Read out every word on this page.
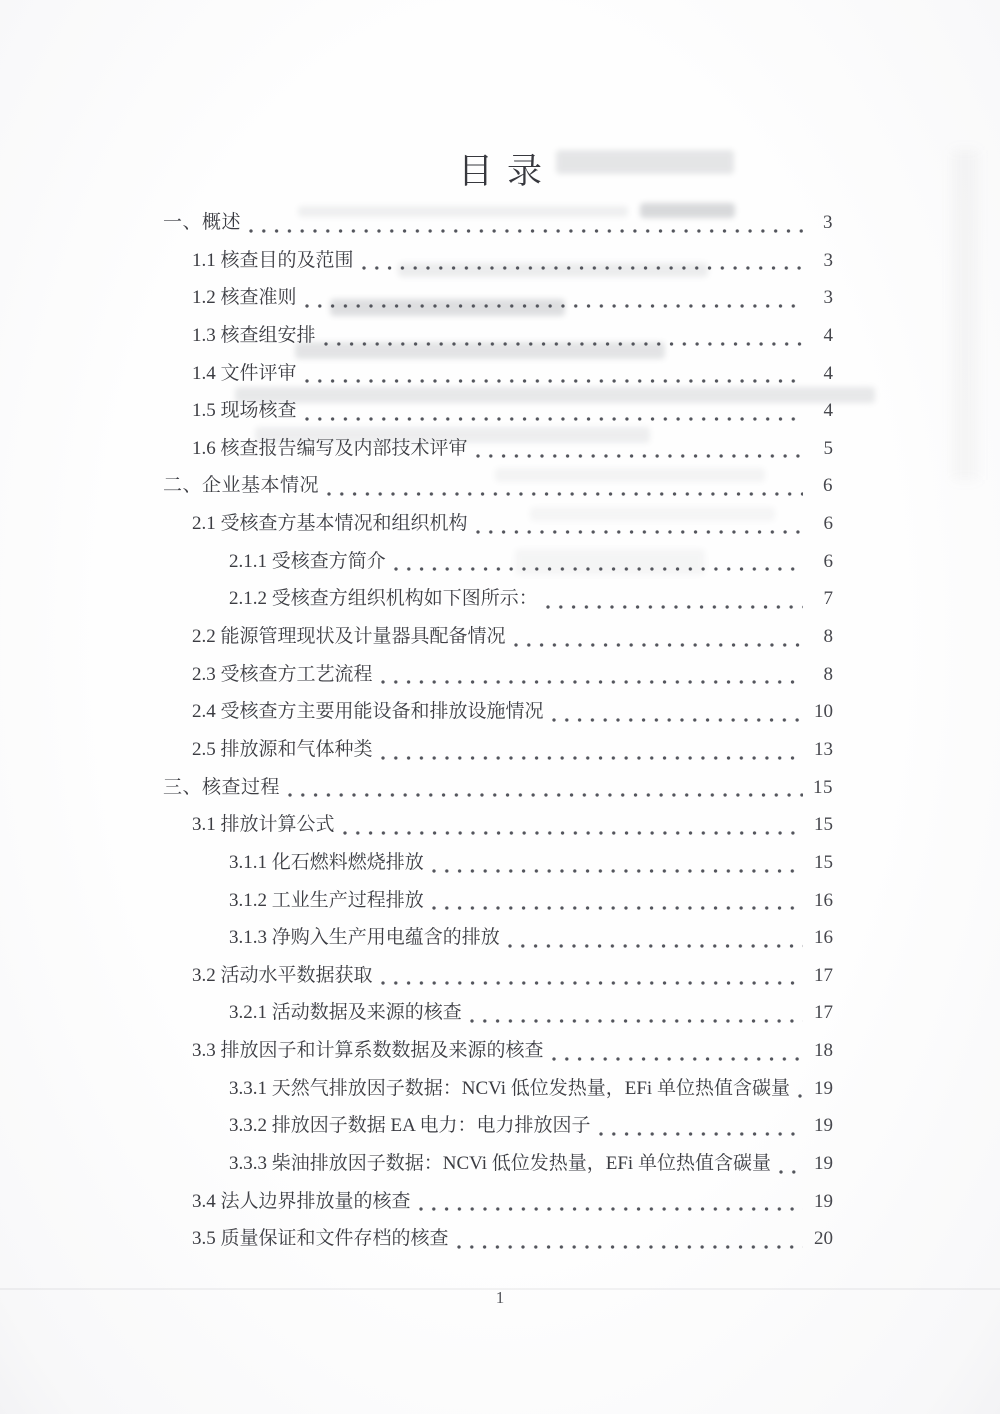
目录
一、概述	3
1.1 核查目的及范围	3
1.2 核查准则	3
1.3 核查组安排	4
1.4 文件评审	4
1.5 现场核查	4
1.6 核查报告编写及内部技术评审	5
二、企业基本情况	6
2.1 受核查方基本情况和组织机构	6
2.1.1 受核查方简介	6
2.1.2 受核查方组织机构如下图所示：	7
2.2 能源管理现状及计量器具配备情况	8
2.3 受核查方工艺流程	8
2.4 受核查方主要用能设备和排放设施情况	10
2.5 排放源和气体种类	13
三、核查过程	15
3.1 排放计算公式	15
3.1.1 化石燃料燃烧排放	15
3.1.2 工业生产过程排放	16
3.1.3 净购入生产用电蕴含的排放	16
3.2 活动水平数据获取	17
3.2.1 活动数据及来源的核查	17
3.3 排放因子和计算系数数据及来源的核查	18
3.3.1 天然气排放因子数据：NCVi 低位发热量，EFi 单位热值含碳量 19
3.3.2 排放因子数据 EA 电力：电力排放因子	19
3.3.3 柴油排放因子数据：NCVi 低位发热量，EFi 单位热值含碳量 19
3.4 法人边界排放量的核查	19
3.5 质量保证和文件存档的核查	20
1
